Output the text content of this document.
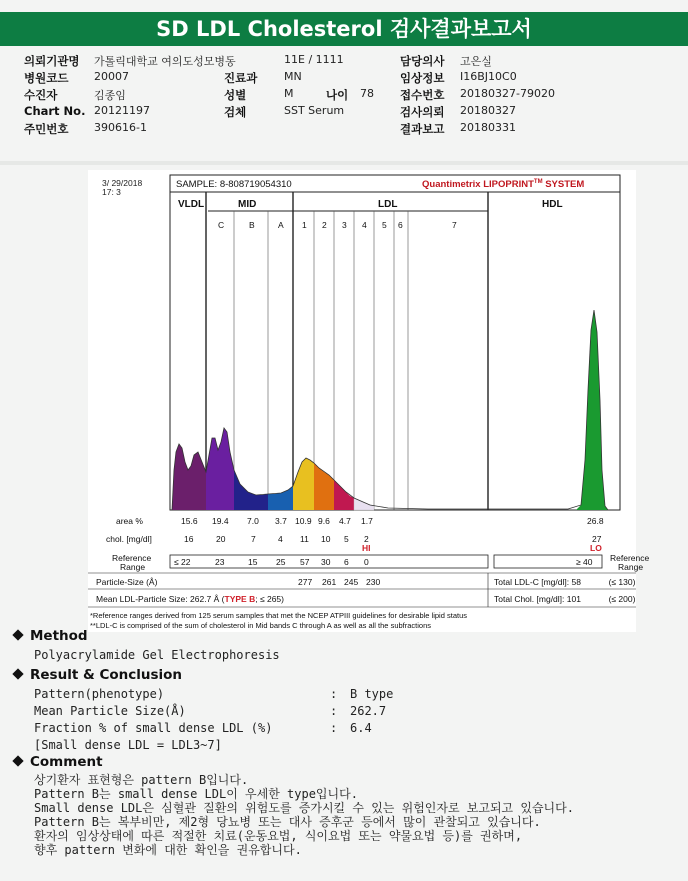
SD LDL Cholesterol 검사결과보고서
의뢰기관명 가톨릭대학교 여의도성모병동	11E / 1111	담당의사 고은실
병원코드 20007	진료과 MN	임상정보 I16BJ10C0
수진자	김종임	성별	M	나이 78 접수번호 20180327-79020
Chart No. 20121197	검체	SST Serum	검사의뢰 20180327
주민번호 390616-1	결과보고 20180331
3/ 29/2018
17: 3
SAMPLE: 8-808719054310	Quantimetrix LIPOPRINT™ SYSTEM
VLDL	MID	LDL	HDL
C	B	A 1 2 3 4 5 6	7
area %	15.6 19.4 7.0 3.7 10.9 9.6 4.7 1.7	26.8
chol. [mg/dl]	16	20	7	4 11 10 5 2	27
HI	LO
Reference
Range	≤ 22	23	15 25 57 30 6 0	≥ 40 Reference
Range
Particle-Size (Å)	277 261 245 230	Total LDL-C [mg/dl]: 58	(≤ 130)
Mean LDL-Particle Size: 262.7 Å (TYPE B; ≤ 265)	Total Chol. [mg/dl]: 101	(≤ 200)
*Reference ranges derived from 125 serum samples that met the NCEP ATPIII guidelines for desirable lipid status
**LDL-C is comprised of the sum of cholesterol in Mid bands C through A as well as all the subfractions
Method
Polyacrylamide Gel Electrophoresis
Result & Conclusion
Pattern(phenotype)	: B type
Mean Particle Size(Å)	: 262.7
Fraction % of small dense LDL (%)	: 6.4
[Small dense LDL = LDL3~7]
Comment
상기환자 표현형은 pattern B입니다.
Pattern B는 small dense LDL이 우세한 type입니다.
Small dense LDL은 심혈관 질환의 위험도를 증가시킬 수 있는 위험인자로 보고되고 있습니다.
Pattern B는 복부비만, 제2형 당뇨병 또는 대사 증후군 등에서 많이 관찰되고 있습니다.
환자의 임상상태에 따른 적절한 치료(운동요법, 식이요법 또는 약물요법 등)를 권하며,
향후 pattern 변화에 대한 확인을 권유합니다.
